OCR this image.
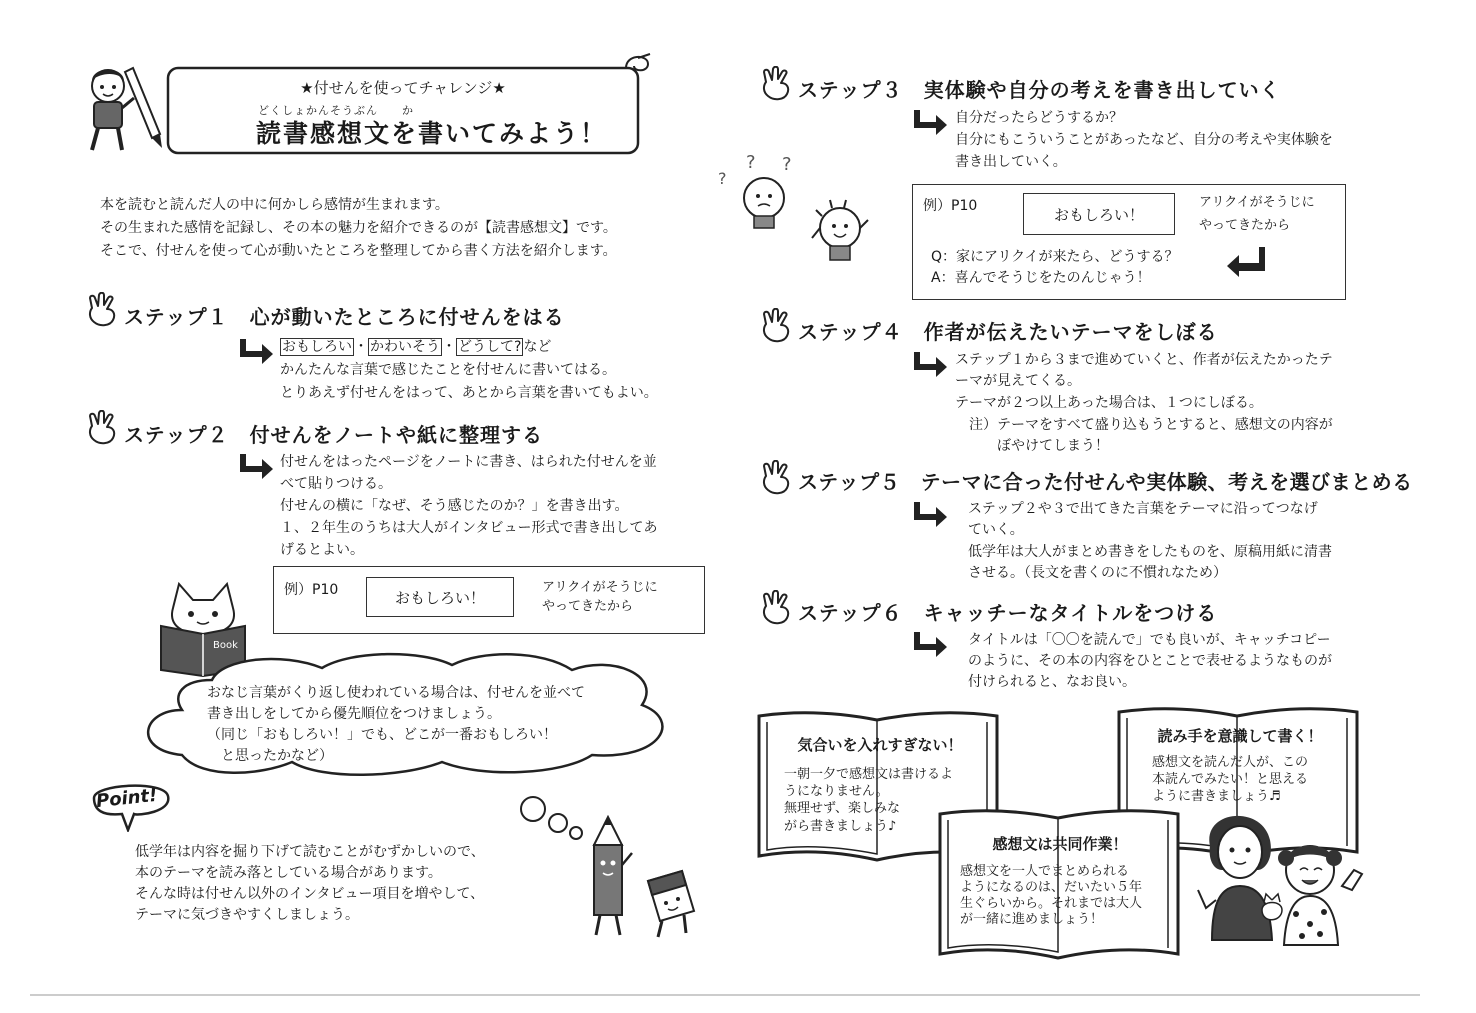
★付せんを使ってチャレンジ★
どくしょかんそうぶん　　か
読書感想文を書いてみよう！
本を読むと読んだ人の中に何かしら感情が生まれます。
その生まれた感情を記録し、その本の魅力を紹介できるのが【読書感想文】です。
そこで、付せんを使って心が動いたところを整理してから書く方法を紹介します。
ステップ１　心が動いたところに付せんをはる
おもしろい ・ かわいそう ・ どうして? など
かんたんな言葉で感じたことを付せんに書いてはる。
とりあえず付せんをはって、あとから言葉を書いてもよい。
ステップ２　付せんをノートや紙に整理する
付せんをはったページをノートに書き、はられた付せんを並
べて貼りつける。
付せんの横に「なぜ、そう感じたのか？」を書き出す。
１、２年生のうちは大人がインタビュー形式で書き出してあ
げるとよい。
例）P10	おもしろい！
アリクイがそうじに
やってきたから
Book
おなじ言葉がくり返し使われている場合は、付せんを並べて
書き出しをしてから優先順位をつけましょう。
（同じ「おもしろい！」でも、どこが一番おもしろい！
　と思ったかなど）
Point!
低学年は内容を掘り下げて読むことがむずかしいので、
本のテーマを読み落としている場合があります。
そんな時は付せん以外のインタビュー項目を増やして、
テーマに気づきやすくしましょう。
ステップ３　実体験や自分の考えを書き出していく
自分だったらどうするか？
自分にもこういうことがあったなど、自分の考えや実体験を
書き出していく。
?
? ?
例）P10	おもしろい！
アリクイがそうじに
やってきたから
Q：家にアリクイが来たら、どうする？
A：喜んでそうじをたのんじゃう！
ステップ４　作者が伝えたいテーマをしぼる
ステップ１から３まで進めていくと、作者が伝えたかったテ
ーマが見えてくる。
テーマが２つ以上あった場合は、１つにしぼる。
注）テーマをすべて盛り込もうとすると、感想文の内容が
ぼやけてしまう！
ステップ５　テーマに合った付せんや実体験、考えを選びまとめる
ステップ２や３で出てきた言葉をテーマに沿ってつなげ
ていく。
低学年は大人がまとめ書きをしたものを、原稿用紙に清書
させる。（長文を書くのに不慣れなため）
ステップ６　キャッチーなタイトルをつける
タイトルは「〇〇を読んで」でも良いが、キャッチコピー
のように、その本の内容をひとことで表せるようなものが
付けられると、なお良い。
気合いを入れすぎない！
一朝一夕で感想文は書けるよ
うになりません。
無理せず、楽しみな
がら書きましょう♪
読み手を意識して書く！
感想文を読んだ人が、この
本読んでみたい！と思える
ように書きましょう♬
感想文は共同作業！
感想文を一人でまとめられる
ようになるのは、だいたい５年
生ぐらいから。それまでは大人
が一緒に進めましょう！
